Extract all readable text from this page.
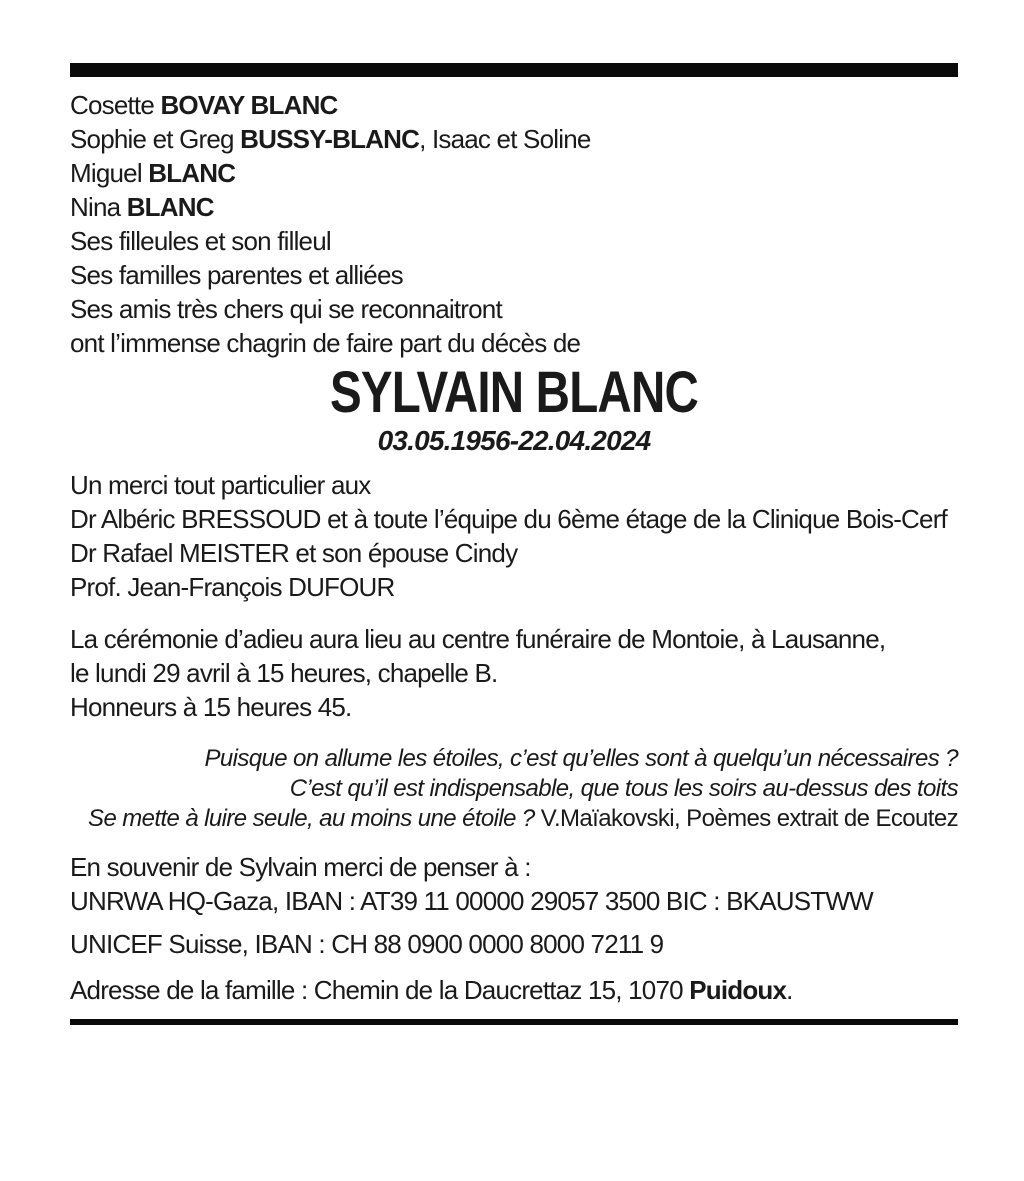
Cosette BOVAY BLANC
Sophie et Greg BUSSY-BLANC, Isaac et Soline
Miguel BLANC
Nina BLANC
Ses filleules et son filleul
Ses familles parentes et alliées
Ses amis très chers qui se reconnaitront
ont l’immense chagrin de faire part du décès de
SYLVAIN BLANC
03.05.1956-22.04.2024
Un merci tout particulier aux
Dr Albéric BRESSOUD et à toute l’équipe du 6ème étage de la Clinique Bois-Cerf
Dr Rafael MEISTER et son épouse Cindy
Prof. Jean-François DUFOUR
La cérémonie d’adieu aura lieu au centre funéraire de Montoie, à Lausanne,
le lundi 29 avril à 15 heures, chapelle B.
Honneurs à 15 heures 45.
Puisque on allume les étoiles, c’est qu’elles sont à quelqu’un nécessaires ?
C’est qu’il est indispensable, que tous les soirs au-dessus des toits
Se mette à luire seule, au moins une étoile ? V.Maïakovski, Poèmes extrait de Ecoutez
En souvenir de Sylvain merci de penser à :
UNRWA HQ-Gaza, IBAN : AT39 11 00000 29057 3500 BIC : BKAUSTWW
UNICEF Suisse, IBAN : CH 88 0900 0000 8000 7211 9
Adresse de la famille : Chemin de la Daucrettaz 15, 1070 Puidoux.
